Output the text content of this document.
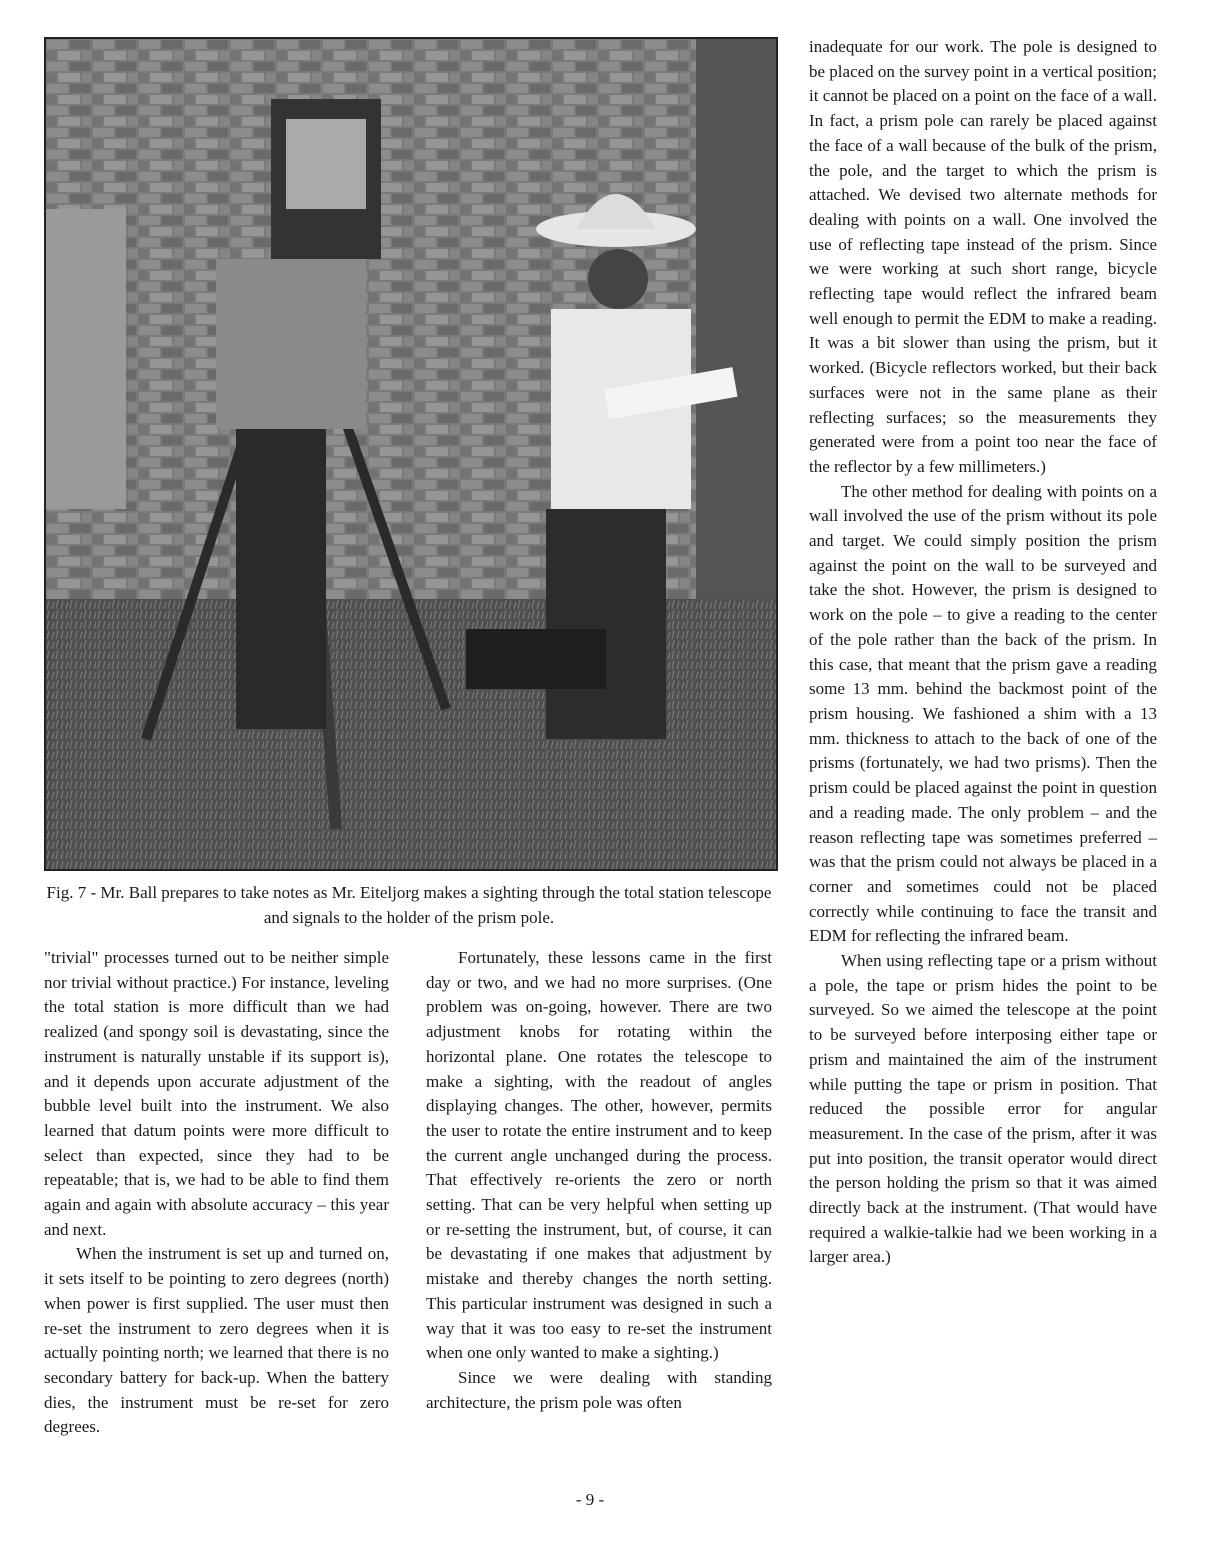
Fig. 7 - Mr. Ball prepares to take notes as Mr. Eiteljorg makes a sighting through the total station telescope and signals to the holder of the prism pole.

"trivial" processes turned out to be neither simple nor trivial without practice.) For instance, leveling the total station is more difficult than we had realized (and spongy soil is devastating, since the instrument is naturally unstable if its support is), and it depends upon accurate adjustment of the bubble level built into the instrument. We also learned that datum points were more difficult to select than expected, since they had to be repeatable; that is, we had to be able to find them again and again with absolute accuracy – this year and next.

When the instrument is set up and turned on, it sets itself to be pointing to zero degrees (north) when power is first supplied. The user must then re-set the instrument to zero degrees when it is actually pointing north; we learned that there is no secondary battery for back-up. When the battery dies, the instrument must be re-set for zero degrees.

Fortunately, these lessons came in the first day or two, and we had no more surprises. (One problem was on-going, however. There are two adjustment knobs for rotating within the horizontal plane. One rotates the telescope to make a sighting, with the readout of angles displaying changes. The other, however, permits the user to rotate the entire instrument and to keep the current angle unchanged during the process. That effectively re-orients the zero or north setting. That can be very helpful when setting up or re-setting the instrument, but, of course, it can be devastating if one makes that adjustment by mistake and thereby changes the north setting. This particular instrument was designed in such a way that it was too easy to re-set the instrument when one only wanted to make a sighting.)

Since we were dealing with standing architecture, the prism pole was often

inadequate for our work. The pole is designed to be placed on the survey point in a vertical position; it cannot be placed on a point on the face of a wall. In fact, a prism pole can rarely be placed against the face of a wall because of the bulk of the prism, the pole, and the target to which the prism is attached. We devised two alternate methods for dealing with points on a wall. One involved the use of reflecting tape instead of the prism. Since we were working at such short range, bicycle reflecting tape would reflect the infrared beam well enough to permit the EDM to make a reading. It was a bit slower than using the prism, but it worked. (Bicycle reflectors worked, but their back surfaces were not in the same plane as their reflecting surfaces; so the measurements they generated were from a point too near the face of the reflector by a few millimeters.)

The other method for dealing with points on a wall involved the use of the prism without its pole and target. We could simply position the prism against the point on the wall to be surveyed and take the shot. However, the prism is designed to work on the pole – to give a reading to the center of the pole rather than the back of the prism. In this case, that meant that the prism gave a reading some 13 mm. behind the backmost point of the prism housing. We fashioned a shim with a 13 mm. thickness to attach to the back of one of the prisms (fortunately, we had two prisms). Then the prism could be placed against the point in question and a reading made. The only problem – and the reason reflecting tape was sometimes preferred – was that the prism could not always be placed in a corner and sometimes could not be placed correctly while continuing to face the transit and EDM for reflecting the infrared beam.

When using reflecting tape or a prism without a pole, the tape or prism hides the point to be surveyed. So we aimed the telescope at the point to be surveyed before interposing either tape or prism and maintained the aim of the instrument while putting the tape or prism in position. That reduced the possible error for angular measurement. In the case of the prism, after it was put into position, the transit operator would direct the person holding the prism so that it was aimed directly back at the instrument. (That would have required a walkie-talkie had we been working in a larger area.)

- 9 -
